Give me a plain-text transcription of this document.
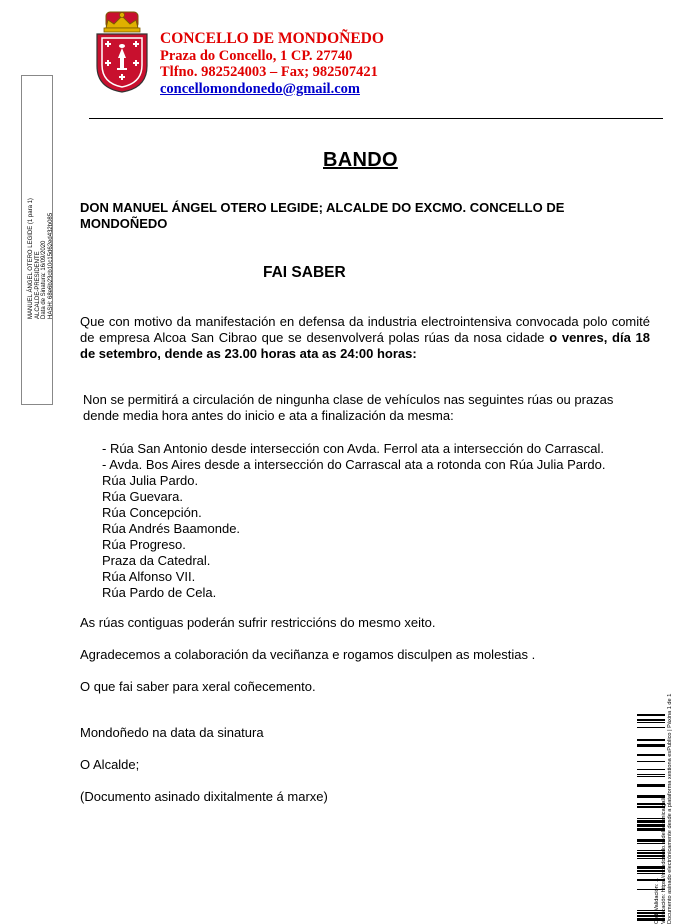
CONCELLO DE MONDOÑEDO
Praza do Concello, 1 CP. 27740
Tlfno. 982524003 – Fax; 982507421
concellomondonedo@gmail.com
MANUEL ÁNGEL OTERO LEGIDE (1 para 1) ALCALDE-PRESIDENTE Data de Sinatura: 16/09/2020 HASH: 68e6b23cb10c15d62ed432b085
BANDO
DON MANUEL ÁNGEL OTERO LEGIDE; ALCALDE DO EXCMO. CONCELLO DE MONDOÑEDO
FAI SABER
Que con motivo da manifestación en defensa da industria electrointensiva convocada polo comité de empresa Alcoa San Cibrao que se desenvolverá polas rúas da nosa cidade o venres, día 18 de setembro, dende as 23.00 horas ata as 24:00 horas:
Non se permitirá a circulación de ningunha clase de vehículos nas seguintes rúas ou prazas dende media hora antes do inicio e ata a finalización da mesma:
- Rúa San Antonio desde intersección con Avda. Ferrol ata a intersección do Carrascal.
- Avda. Bos Aires desde a intersección do Carrascal ata a rotonda con Rúa Julia Pardo.
Rúa Julia Pardo.
Rúa Guevara.
Rúa Concepción.
Rúa Andrés Baamonde.
Rúa Progreso.
Praza da Catedral.
Rúa Alfonso VII.
Rúa Pardo de Cela.
As rúas contiguas poderán sufrir restriccións do mesmo xeito.
Agradecemos a colaboración da veciñanza e rogamos disculpen as molestias .
O que fai saber para xeral coñecemento.
Mondoñedo na data da sinatura
O Alcalde;
(Documento asinado dixitalmente á marxe)
Cod. Validación: ... Verificación: https://mondonedo.sedelectronica.gal/ Documento asinado electrónicamente desde a plataforma xestiona esPublico | Páxina 1 de 1
